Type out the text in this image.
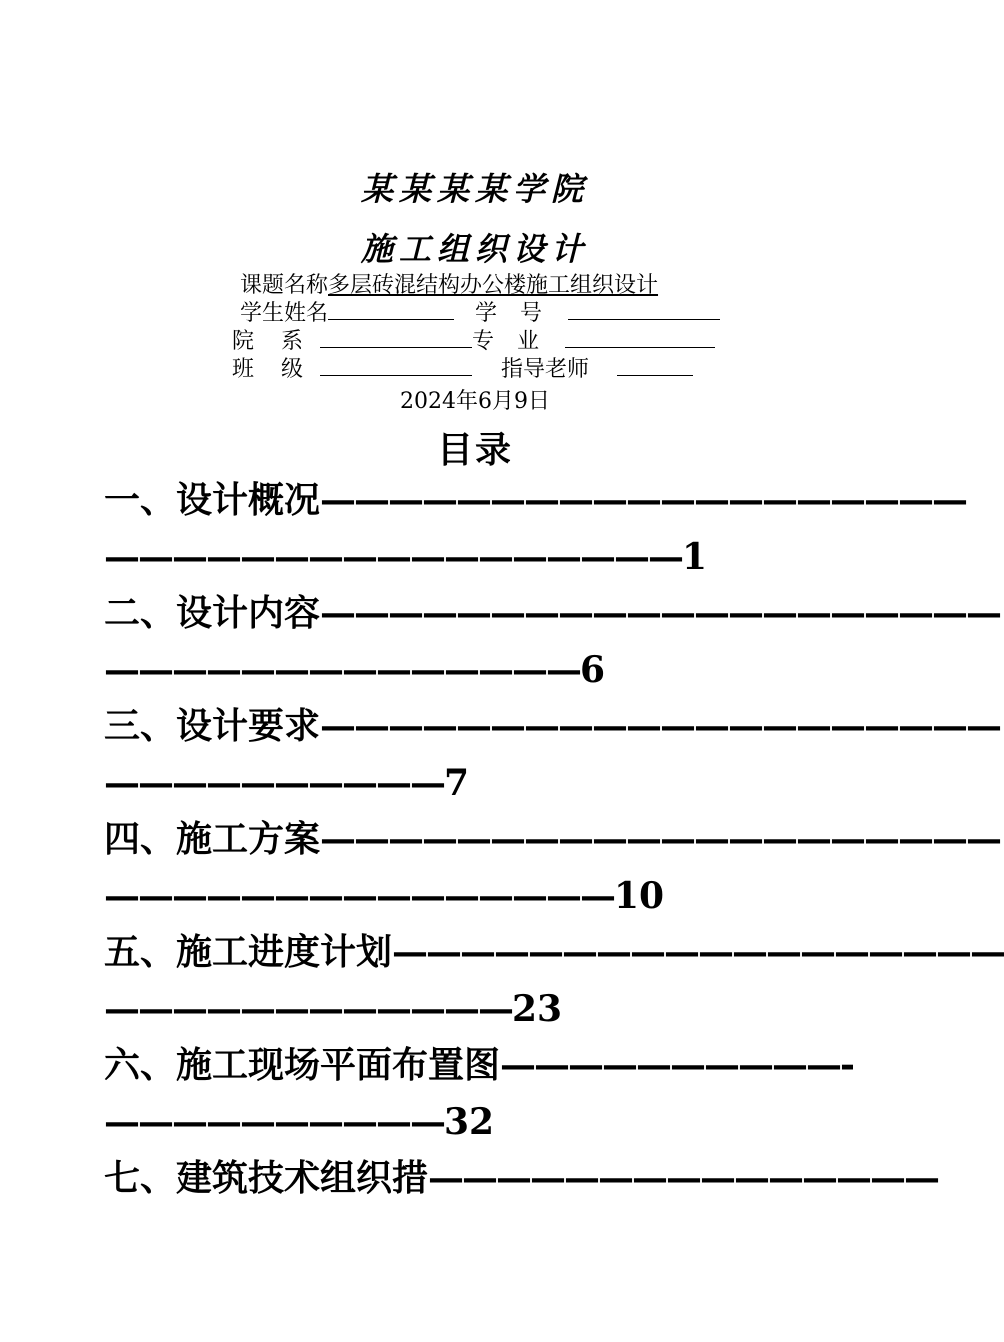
某某某某学院
施工组织设计
课题名称多层砖混结构办公楼施工组织设计
学生姓名	学 号
院 系	专 业
班 级	指导老师
2024年6月9日
目录
一、设计概况———————————————————
—————————————————1
二、设计内容————————————————————
——————————————6
三、设计要求————————————————————
——————————7
四、施工方案————————————————————
———————————————10
五、施工进度计划——————————————————
————————————23
六、施工现场平面布置图——————————-
——————————32
七、建筑技术组织措———————————————
